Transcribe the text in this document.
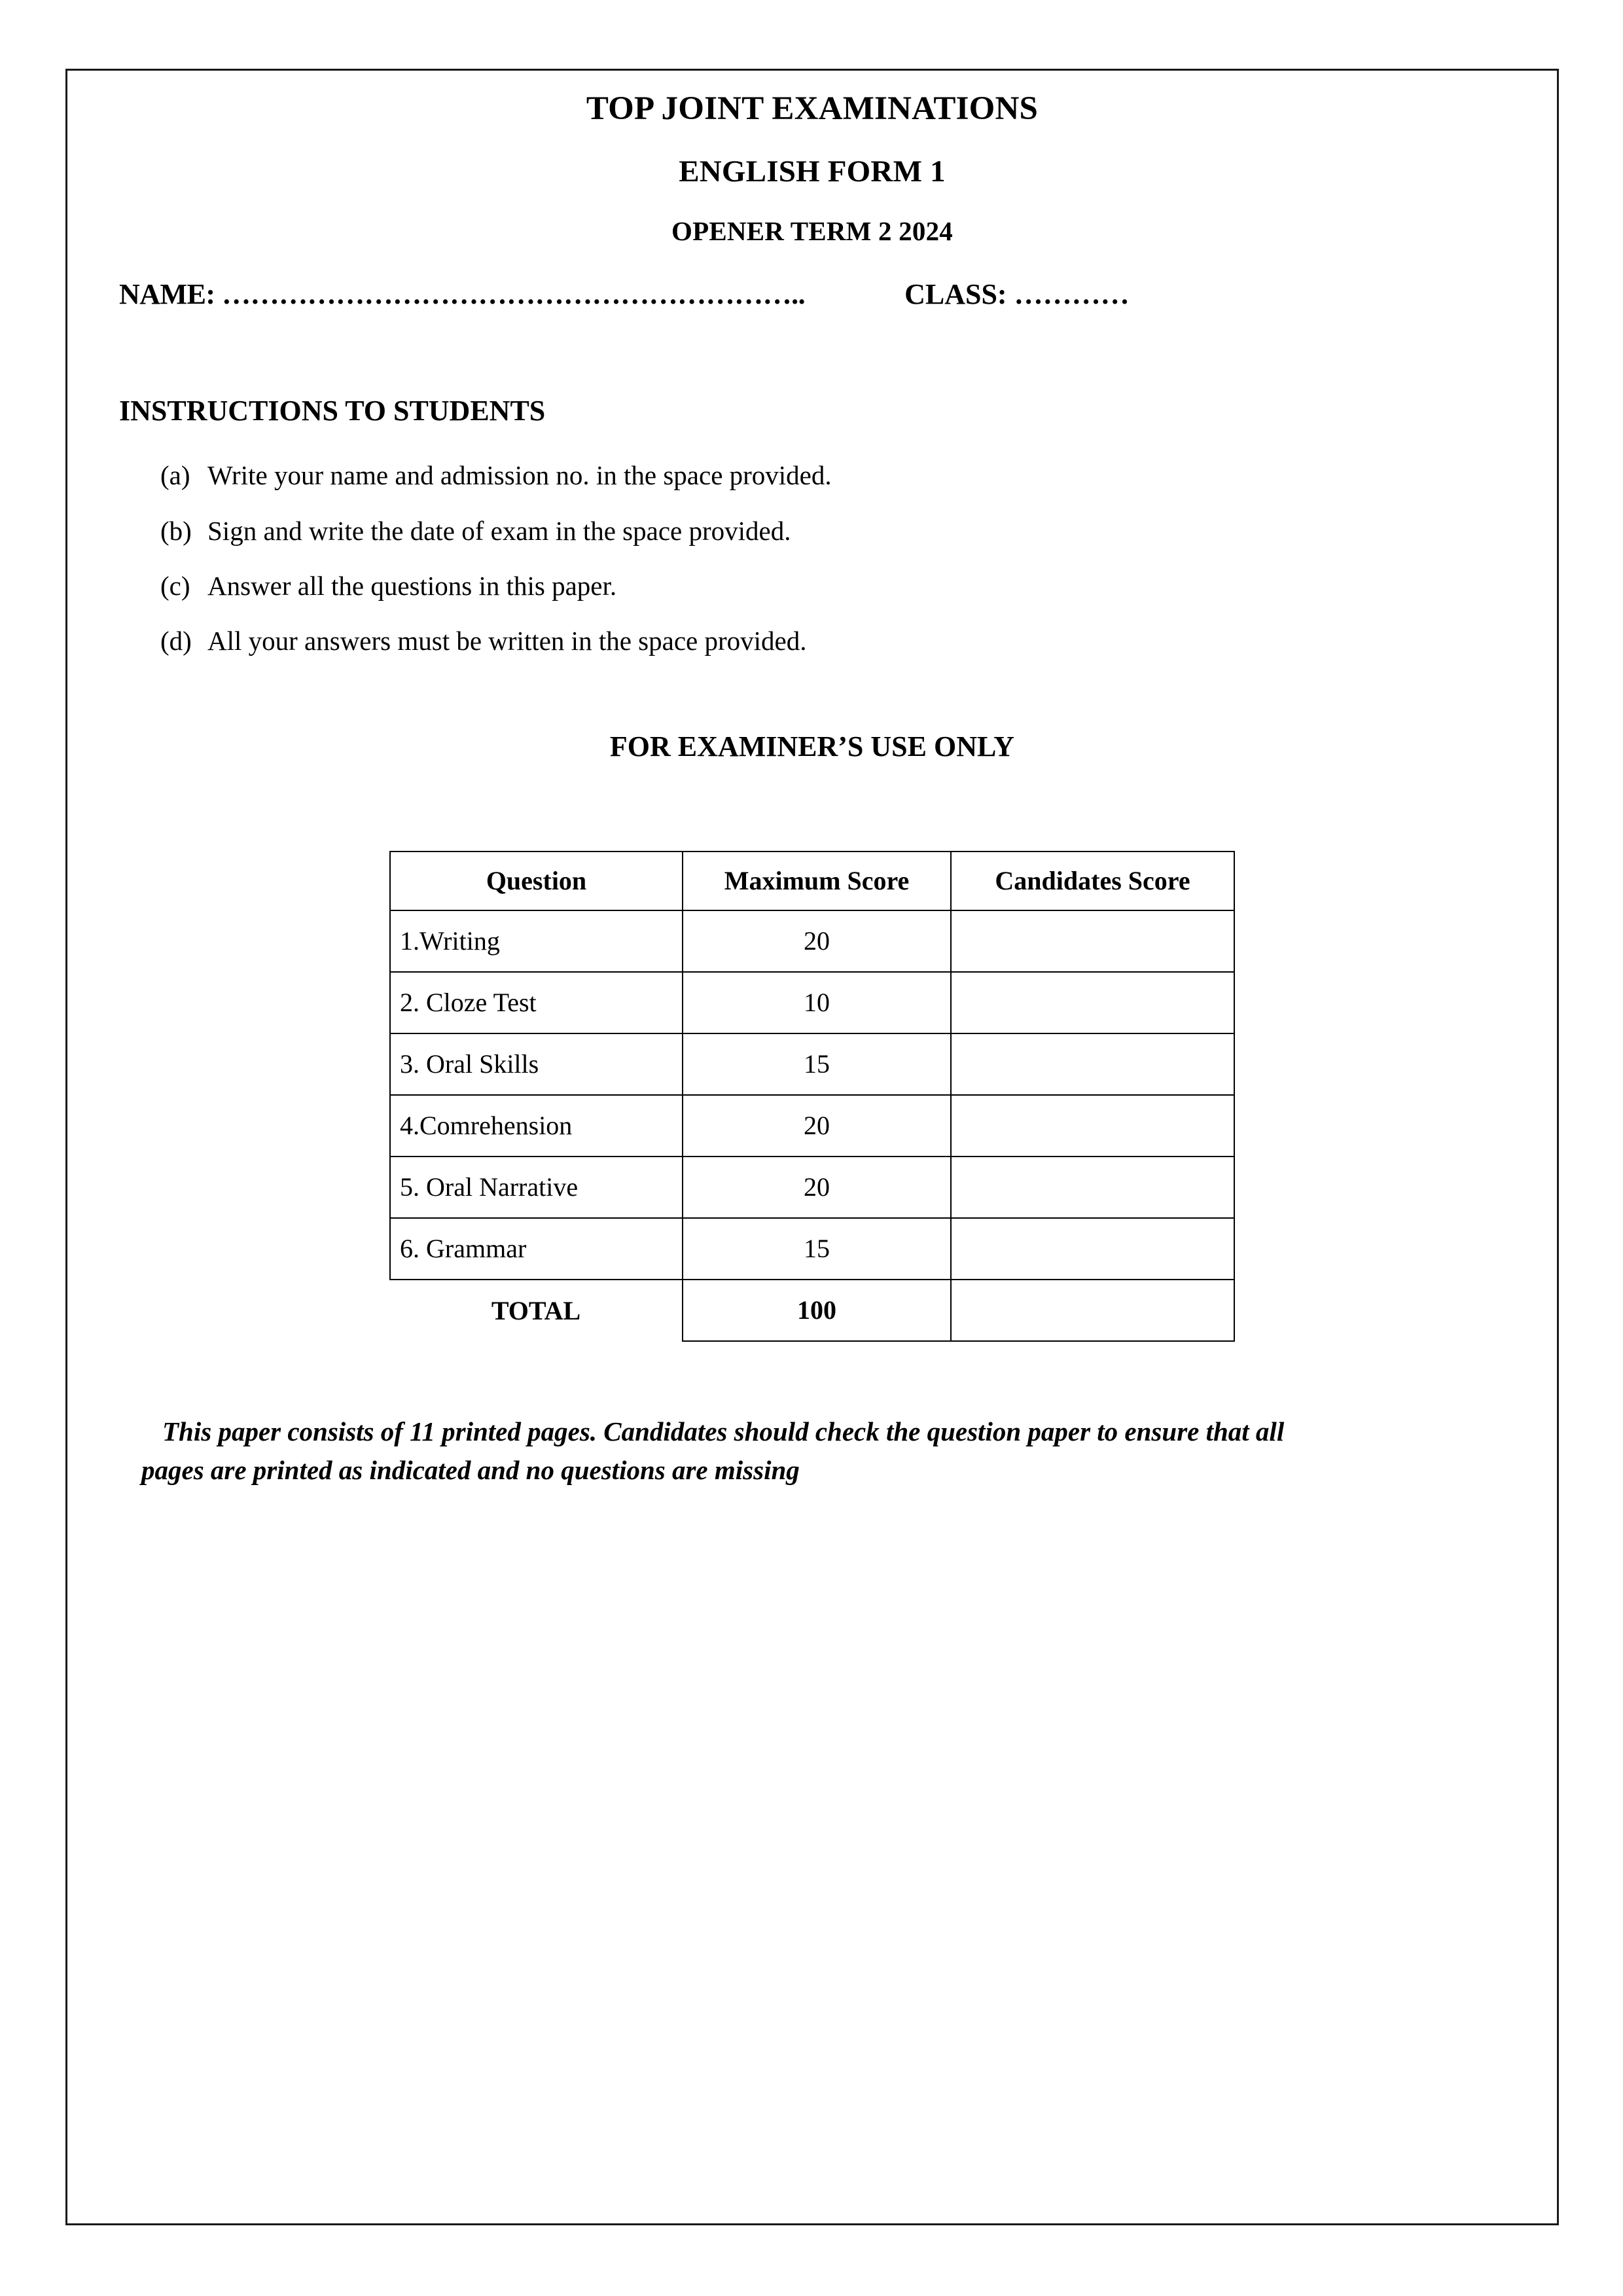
TOP JOINT EXAMINATIONS
ENGLISH FORM 1
OPENER TERM 2 2024
NAME: ……………………………………………………..	CLASS: …………
INSTRUCTIONS TO STUDENTS
(a) Write your name and admission no. in the space provided.
(b) Sign and write the date of exam in the space provided.
(c) Answer all the questions in this paper.
(d) All your answers must be written in the space provided.
FOR EXAMINER’S USE ONLY
Question	Maximum Score	Candidates Score
1.Writing	20	
2. Cloze Test	10	
3. Oral Skills	15	
4.Comrehension	20	
5. Oral Narrative	20	
6. Grammar	15	
TOTAL	100	
This paper consists of 11 printed pages. Candidates should check the question paper to ensure that all
pages are printed as indicated and no questions are missing
